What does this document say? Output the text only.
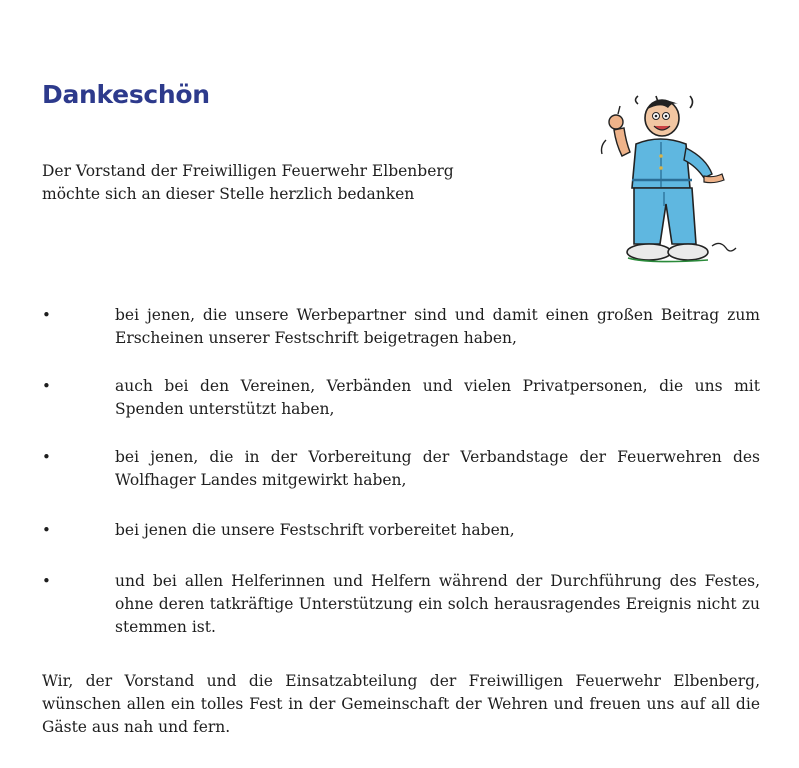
Dankeschön
Der Vorstand der Freiwilligen Feuerwehr Elbenberg
möchte sich an dieser Stelle herzlich bedanken
•	bei jenen, die unsere Werbepartner sind und damit einen großen Beitrag zum Erscheinen unserer Festschrift beigetragen haben,
•	auch bei den Vereinen, Verbänden und vielen Privatpersonen, die uns mit Spenden unterstützt haben,
•	bei jenen, die in der Vorbereitung der Verbandstage der Feuerwehren des Wolfhager Landes mitgewirkt haben,
•	bei jenen die unsere Festschrift vorbereitet haben,
•	und bei allen Helferinnen und Helfern während der Durchführung des Festes, ohne deren tatkräftige Unterstützung ein solch herausragendes Ereignis nicht zu stemmen ist.
Wir, der Vorstand und die Einsatzabteilung der Freiwilligen Feuerwehr Elbenberg, wünschen allen ein tolles Fest in der Gemeinschaft der Wehren und freuen uns auf all die Gäste aus nah und fern.
